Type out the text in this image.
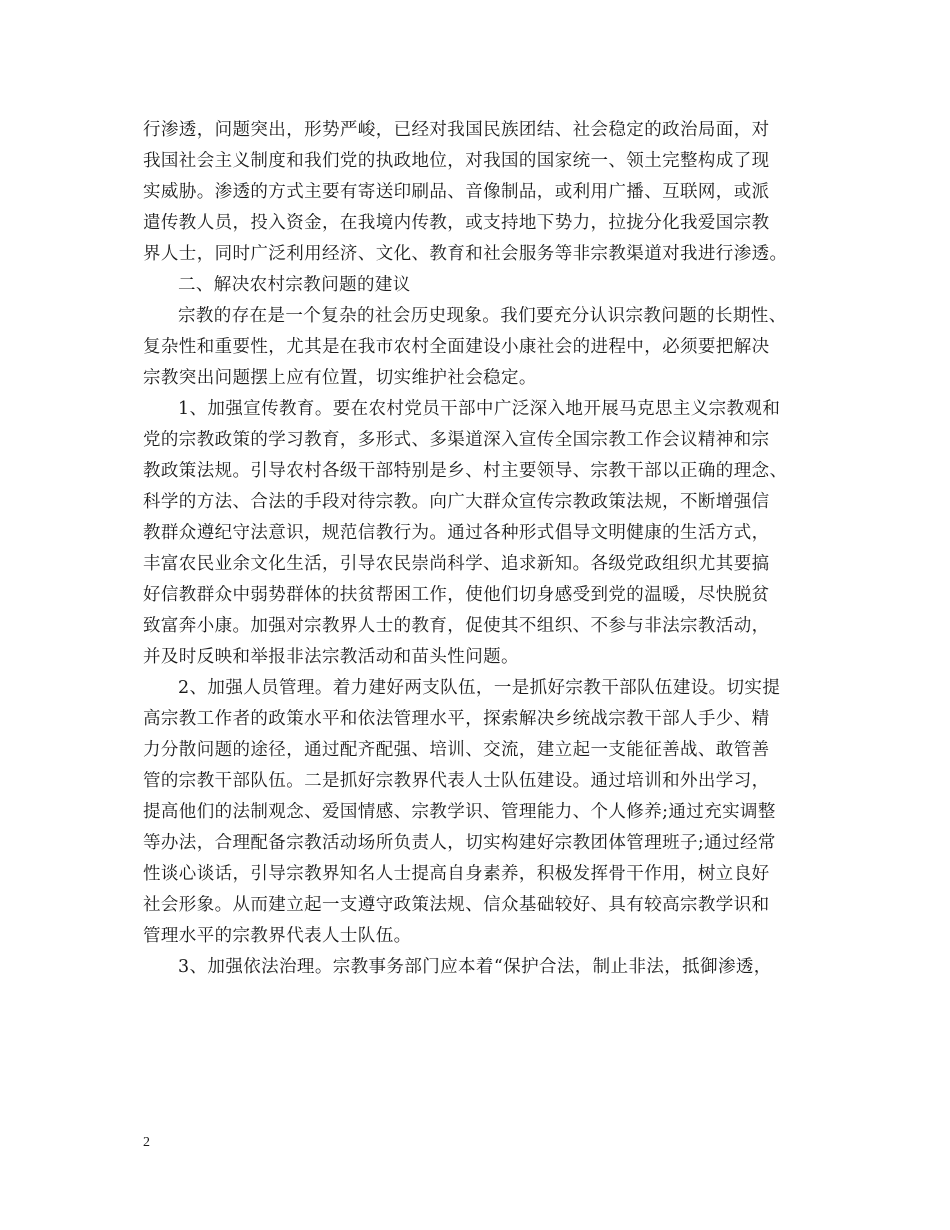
行渗透，问题突出，形势严峻，已经对我国民族团结、社会稳定的政治局面，对
我国社会主义制度和我们党的执政地位，对我国的国家统一、领土完整构成了现
实威胁。渗透的方式主要有寄送印刷品、音像制品，或利用广播、互联网，或派
遣传教人员，投入资金，在我境内传教，或支持地下势力，拉拢分化我爱国宗教
界人士，同时广泛利用经济、文化、教育和社会服务等非宗教渠道对我进行渗透。
二、解决农村宗教问题的建议
宗教的存在是一个复杂的社会历史现象。我们要充分认识宗教问题的长期性、
复杂性和重要性，尤其是在我市农村全面建设小康社会的进程中，必须要把解决
宗教突出问题摆上应有位置，切实维护社会稳定。
1、加强宣传教育。要在农村党员干部中广泛深入地开展马克思主义宗教观和
党的宗教政策的学习教育，多形式、多渠道深入宣传全国宗教工作会议精神和宗
教政策法规。引导农村各级干部特别是乡、村主要领导、宗教干部以正确的理念、
科学的方法、合法的手段对待宗教。向广大群众宣传宗教政策法规，不断增强信
教群众遵纪守法意识，规范信教行为。通过各种形式倡导文明健康的生活方式，
丰富农民业余文化生活，引导农民崇尚科学、追求新知。各级党政组织尤其要搞
好信教群众中弱势群体的扶贫帮困工作，使他们切身感受到党的温暖，尽快脱贫
致富奔小康。加强对宗教界人士的教育，促使其不组织、不参与非法宗教活动，
并及时反映和举报非法宗教活动和苗头性问题。
2、加强人员管理。着力建好两支队伍，一是抓好宗教干部队伍建设。切实提
高宗教工作者的政策水平和依法管理水平，探索解决乡统战宗教干部人手少、精
力分散问题的途径，通过配齐配强、培训、交流，建立起一支能征善战、敢管善
管的宗教干部队伍。二是抓好宗教界代表人士队伍建设。通过培训和外出学习，
提高他们的法制观念、爱国情感、宗教学识、管理能力、个人修养;通过充实调整
等办法，合理配备宗教活动场所负责人，切实构建好宗教团体管理班子;通过经常
性谈心谈话，引导宗教界知名人士提高自身素养，积极发挥骨干作用，树立良好
社会形象。从而建立起一支遵守政策法规、信众基础较好、具有较高宗教学识和
管理水平的宗教界代表人士队伍。
3、加强依法治理。宗教事务部门应本着“保护合法，制止非法，抵御渗透，
2
